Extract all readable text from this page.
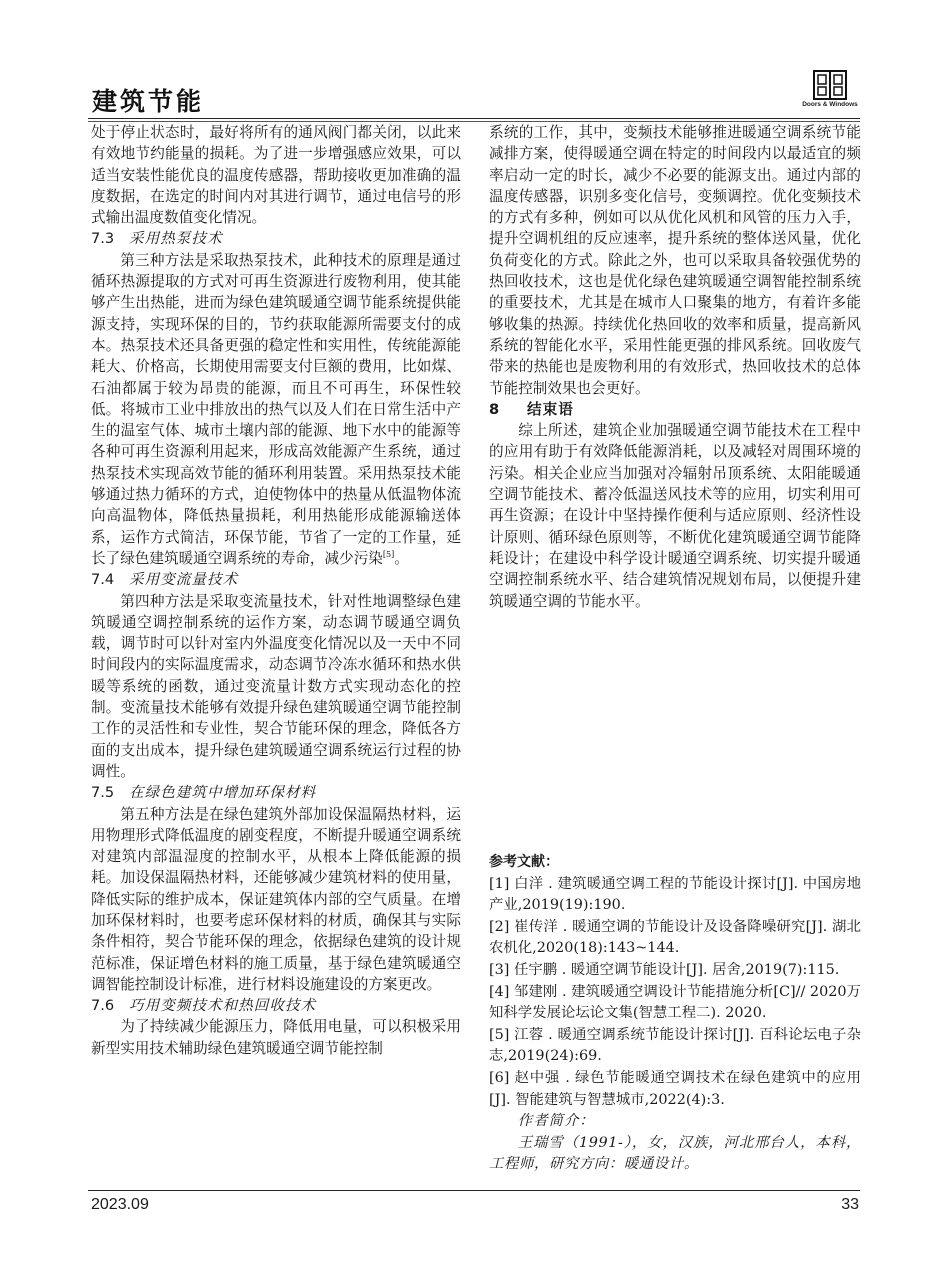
建筑节能	Doors & Windows

处于停止状态时，最好将所有的通风阀门都关闭，以此来有效地节约能量的损耗。为了进一步增强感应效果，可以适当安装性能优良的温度传感器，帮助接收更加准确的温度数据，在选定的时间内对其进行调节，通过电信号的形式输出温度数值变化情况。

7.3 采用热泵技术

第三种方法是采取热泵技术，此种技术的原理是通过循环热源提取的方式对可再生资源进行废物利用，使其能够产生出热能，进而为绿色建筑暖通空调节能系统提供能源支持，实现环保的目的，节约获取能源所需要支付的成本。热泵技术还具备更强的稳定性和实用性，传统能源能耗大、价格高，长期使用需要支付巨额的费用，比如煤、石油都属于较为昂贵的能源，而且不可再生，环保性较低。将城市工业中排放出的热气以及人们在日常生活中产生的温室气体、城市土壤内部的能源、地下水中的能源等各种可再生资源利用起来，形成高效能源产生系统，通过热泵技术实现高效节能的循环利用装置。采用热泵技术能够通过热力循环的方式，迫使物体中的热量从低温物体流向高温物体，降低热量损耗，利用热能形成能源输送体系，运作方式简洁，环保节能，节省了一定的工作量，延长了绿色建筑暖通空调系统的寿命，减少污染[5]。

7.4 采用变流量技术

第四种方法是采取变流量技术，针对性地调整绿色建筑暖通空调控制系统的运作方案，动态调节暖通空调负载，调节时可以针对室内外温度变化情况以及一天中不同时间段内的实际温度需求，动态调节冷冻水循环和热水供暖等系统的函数，通过变流量计数方式实现动态化的控制。变流量技术能够有效提升绿色建筑暖通空调节能控制工作的灵活性和专业性，契合节能环保的理念，降低各方面的支出成本，提升绿色建筑暖通空调系统运行过程的协调性。

7.5 在绿色建筑中增加环保材料

第五种方法是在绿色建筑外部加设保温隔热材料，运用物理形式降低温度的剧变程度，不断提升暖通空调系统对建筑内部温湿度的控制水平，从根本上降低能源的损耗。加设保温隔热材料，还能够减少建筑材料的使用量，降低实际的维护成本，保证建筑体内部的空气质量。在增加环保材料时，也要考虑环保材料的材质，确保其与实际条件相符，契合节能环保的理念，依据绿色建筑的设计规范标准，保证增色材料的施工质量，基于绿色建筑暖通空调智能控制设计标准，进行材料设施建设的方案更改。

7.6 巧用变频技术和热回收技术

为了持续减少能源压力，降低用电量，可以积极采用新型实用技术辅助绿色建筑暖通空调节能控制

系统的工作，其中，变频技术能够推进暖通空调系统节能减排方案，使得暖通空调在特定的时间段内以最适宜的频率启动一定的时长，减少不必要的能源支出。通过内部的温度传感器，识别多变化信号，变频调控。优化变频技术的方式有多种，例如可以从优化风机和风管的压力入手，提升空调机组的反应速率，提升系统的整体送风量，优化负荷变化的方式。除此之外，也可以采取具备较强优势的热回收技术，这也是优化绿色建筑暖通空调智能控制系统的重要技术，尤其是在城市人口聚集的地方，有着许多能够收集的热源。持续优化热回收的效率和质量，提高新风系统的智能化水平，采用性能更强的排风系统。回收废气带来的热能也是废物利用的有效形式，热回收技术的总体节能控制效果也会更好。

8 结束语

综上所述，建筑企业加强暖通空调节能技术在工程中的应用有助于有效降低能源消耗，以及减轻对周围环境的污染。相关企业应当加强对冷辐射吊顶系统、太阳能暖通空调节能技术、蓄冷低温送风技术等的应用，切实利用可再生资源；在设计中坚持操作便利与适应原则、经济性设计原则、循环绿色原则等，不断优化建筑暖通空调节能降耗设计；在建设中科学设计暖通空调系统、切实提升暖通空调控制系统水平、结合建筑情况规划布局，以便提升建筑暖通空调的节能水平。

参考文献：

[1] 白洋 . 建筑暖通空调工程的节能设计探讨[J]. 中国房地产业,2019(19):190.

[2] 崔传洋 . 暖通空调的节能设计及设备降噪研究[J]. 湖北农机化,2020(18):143~144.

[3] 任宇鹏 . 暖通空调节能设计[J]. 居舍,2019(7):115.

[4] 邹建刚 . 建筑暖通空调设计节能措施分析[C]// 2020万知科学发展论坛论文集(智慧工程二). 2020.

[5] 江蓉 . 暖通空调系统节能设计探讨[J]. 百科论坛电子杂志,2019(24):69.

[6] 赵中强 . 绿色节能暖通空调技术在绿色建筑中的应用[J]. 智能建筑与智慧城市,2022(4):3.

作者简介：

王瑞雪（1991-），女，汉族，河北邢台人，本科，工程师，研究方向：暖通设计。

2023.09	33
